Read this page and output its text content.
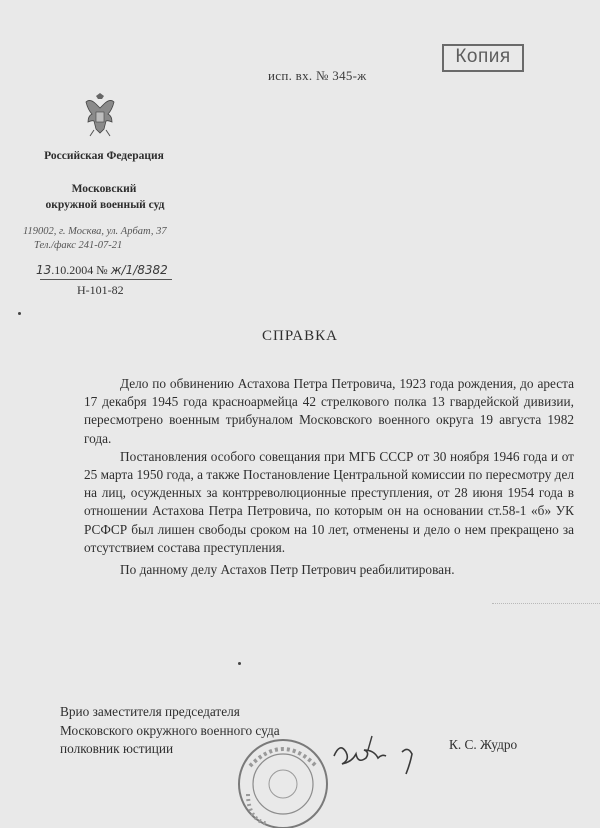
Копия
исп. вх. № 345-ж
Российская Федерация
Московский
окружной военный суд
119002, г. Москва, ул. Арбат, 37
Тел./факс 241-07-21
13.10.2004 № ж/1/8382
Н-101-82
СПРАВКА

Дело по обвинению Астахова Петра Петровича, 1923 года рождения, до ареста 17 декабря 1945 года красноармейца 42 стрелкового полка 13 гвардейской дивизии, пересмотрено военным трибуналом Московского военного округа 19 августа 1982 года.

Постановления особого совещания при МГБ СССР от 30 ноября 1946 года и от 25 марта 1950 года, а также Постановление Центральной комиссии по пересмотру дел на лиц, осужденных за контрреволюционные преступления, от 28 июня 1954 года в отношении Астахова Петра Петровича, по которым он на основании ст.58-1 «б» УК РСФСР был лишен свободы сроком на 10 лет, отменены и дело о нем прекращено за отсутствием состава преступления.

По данному делу Астахов Петр Петрович реабилитирован.

Врио заместителя председателя
Московского окружного военного суда
полковник юстиции	К. С. Жудро
